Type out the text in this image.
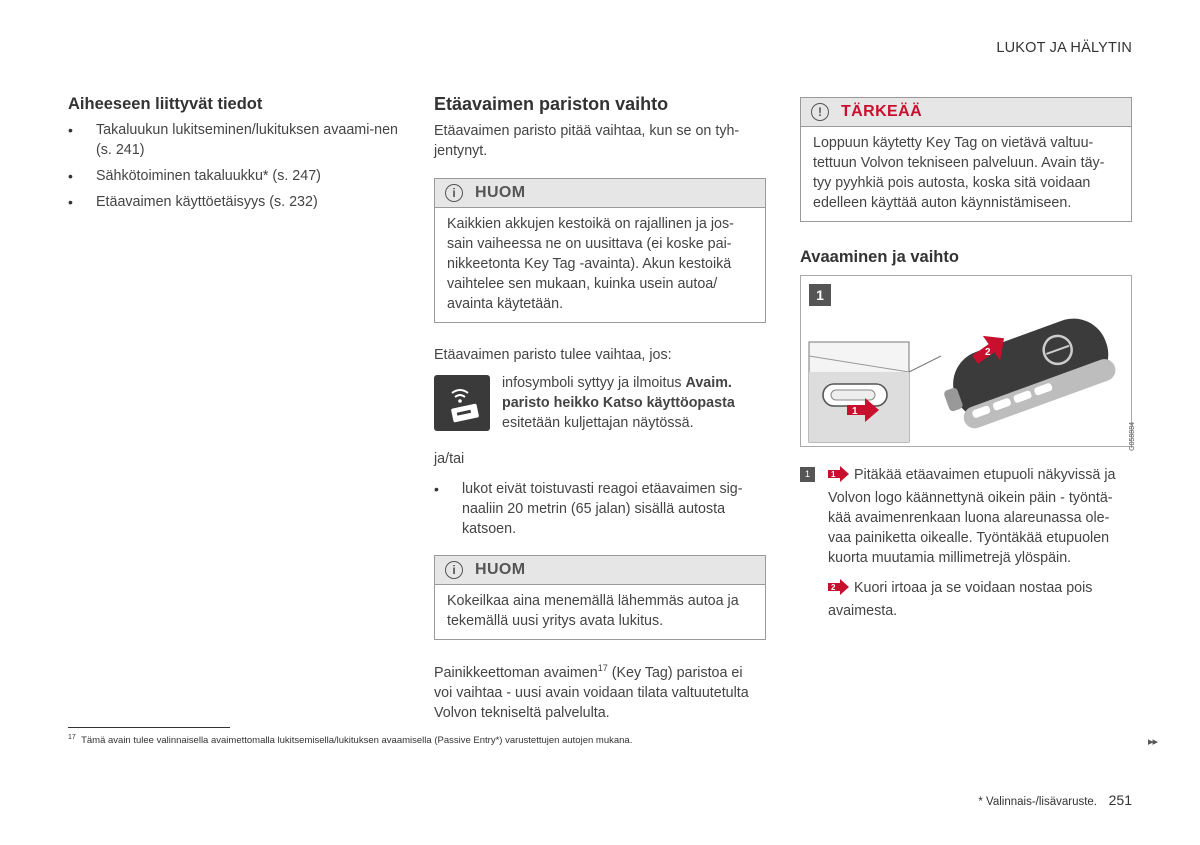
LUKOT JA HÄLYTIN
Aiheeseen liittyvät tiedot
• Takaluukun lukitseminen/lukituksen avaami-nen (s. 241)
• Sähkötoiminen takaluukku* (s. 247)
• Etäavaimen käyttöetäisyys (s. 232)
Etäavaimen pariston vaihto

Etäavaimen paristo pitää vaihtaa, kun se on tyh-jentynyt.

i	HUOM
Kaikkien akkujen kestoikä on rajallinen ja jos-sain vaiheessa ne on uusittava (ei koske pai-nikkeetonta Key Tag -avainta). Akun kestoikä vaihtelee sen mukaan, kuinka usein autoa/ avainta käytetään.

Etäavaimen paristo tulee vaihtaa, jos:

infosymboli syttyy ja ilmoitus Avaim. paristo heikko Katso käyttöopasta esitetään kuljettajan näytössä.

ja/tai

• lukot eivät toistuvasti reagoi etäavaimen sig-naaliin 20 metrin (65 jalan) sisällä autosta katsoen.
i	HUOM
Kokeilkaa aina menemällä lähemmäs autoa ja tekemällä uusi yritys avata lukitus.

Painikkeettoman avaimen$^{17}$ (Key Tag) paristoa ei voi vaihtaa - uusi avain voidaan tilata valtuutetulta Volvon tekniseltä palvelulta.

!	TÄRKEÄÄ
Loppuun käytetty Key Tag on vietävä valtuu-tettuun Volvon tekniseen palveluun. Avain täy-tyy pyyhkiä pois autosta, koska sitä voidaan edelleen käyttää auton käynnistämiseen.
Avaaminen ja vaihto
1
2
1
G058884
1	1 Pitäkää etäavaimen etupuoli näkyvissä ja Volvon logo käännettynä oikein päin - työntä-kää avaimenrenkaan luona alareunassa ole-vaa painiketta oikealle. Työntäkää etupuolen kuorta muutamia millimetrejä ylöspäin.

2 Kuori irtoaa ja se voidaan nostaa pois avaimesta.

$^{17}$ Tämä avain tulee valinnaisella avaimettomalla lukitsemisella/lukituksen avaamisella (Passive Entry*) varustettujen autojen mukana.	▸▸
* Valinnais-/lisävaruste. 251
